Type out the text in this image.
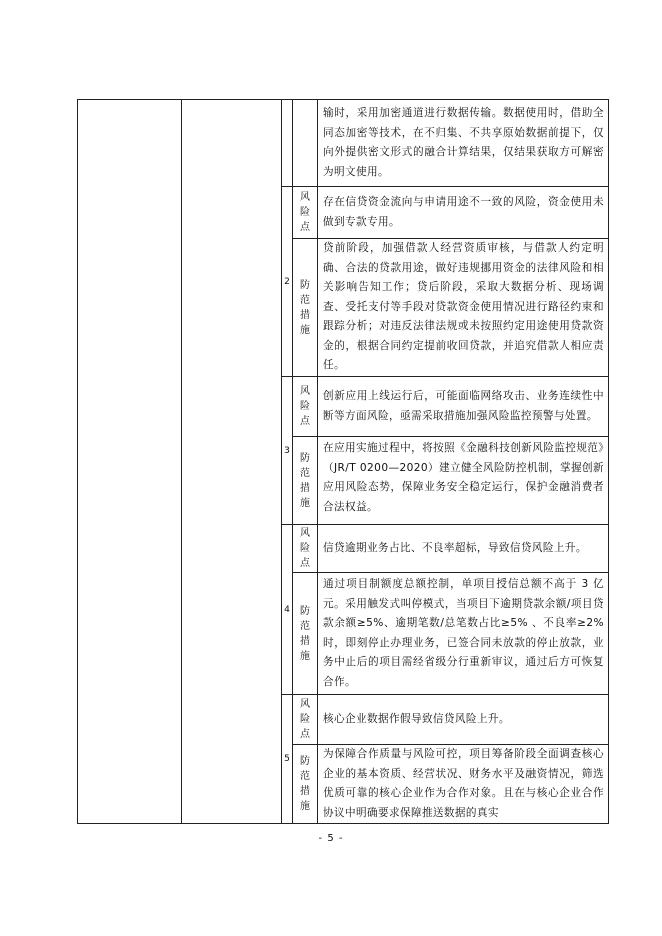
				输时，采用加密通道进行数据传输。数据使用时，借助全同态加密等技术，在不归集、不共享原始数据前提下，仅向外提供密文形式的融合计算结果，仅结果获取方可解密为明文使用。
		2	风
险
点	存在信贷资金流向与申请用途不一致的风险，资金使用未做到专款专用。

			防
范
措
施	贷前阶段，加强借款人经营资质审核，与借款人约定明确、合法的贷款用途，做好违规挪用资金的法律风险和相关影响告知工作；贷后阶段，采取大数据分析、现场调查、受托支付等手段对贷款资金使用情况进行路径约束和跟踪分析；对违反法律法规或未按照约定用途使用贷款资金的，根据合同约定提前收回贷款，并追究借款人相应责任。
		3	风
险
点	创新应用上线运行后，可能面临网络攻击、业务连续性中断等方面风险，亟需采取措施加强风险监控预警与处置。

			防
范
措
施	在应用实施过程中，将按照《金融科技创新风险监控规范》（JR/T 0200—2020）建立健全风险防控机制，掌握创新应用风险态势，保障业务安全稳定运行，保护金融消费者合法权益。
		4	风
险
点	信贷逾期业务占比、不良率超标，导致信贷风险上升。

			防
范
措
施	通过项目制额度总额控制，单项目授信总额不高于 3 亿元。采用触发式叫停模式，当项目下逾期贷款余额/项目贷款余额≥5%、逾期笔数/总笔数占比≥5% 、不良率≥2% 时，即刻停止办理业务，已签合同未放款的停止放款，业务中止后的项目需经省级分行重新审议，通过后方可恢复合作。
		5	风
险
点	核心企业数据作假导致信贷风险上升。

			防
范
措
施	为保障合作质量与风险可控，项目筹备阶段全面调查核心企业的基本资质、经营状况、财务水平及融资情况，筛选优质可靠的核心企业作为合作对象。且在与核心企业合作协议中明确要求保障推送数据的真实
- 5 -
